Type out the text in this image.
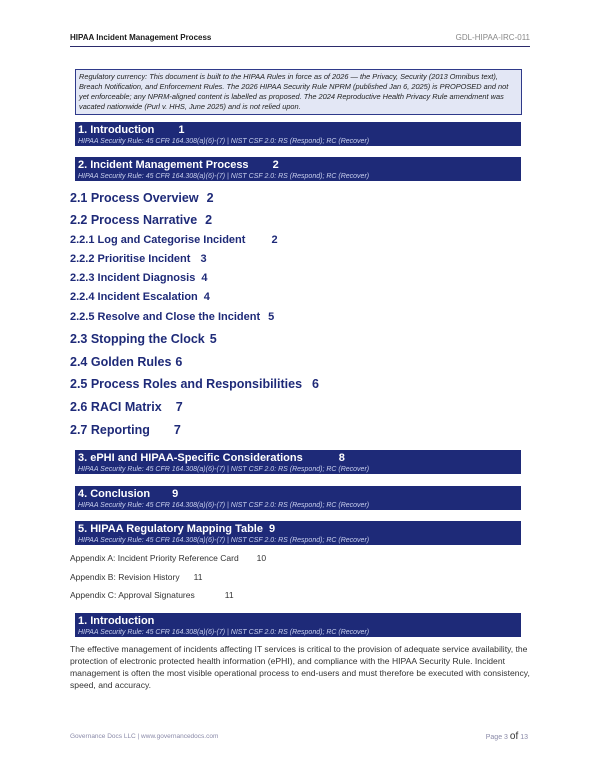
HIPAA Incident Management Process	GDL-HIPAA-IRC-011
Regulatory currency: This document is built to the HIPAA Rules in force as of 2026 — the Privacy, Security (2013 Omnibus text), Breach Notification, and Enforcement Rules. The 2026 HIPAA Security Rule NPRM (published Jan 6, 2025) is PROPOSED and not yet enforceable; any NPRM-aligned content is labelled as proposed. The 2024 Reproductive Health Privacy Rule amendment was vacated nationwide (Purl v. HHS, June 2025) and is not relied upon.
1. Introduction 1
HIPAA Security Rule: 45 CFR 164.308(a)(6)-(7) | NIST CSF 2.0: RS (Respond); RC (Recover)
2. Incident Management Process 2
HIPAA Security Rule: 45 CFR 164.308(a)(6)-(7) | NIST CSF 2.0: RS (Respond); RC (Recover)
2.1 Process Overview 2
2.2 Process Narrative 2
2.2.1 Log and Categorise Incident 2
2.2.2 Prioritise Incident 3
2.2.3 Incident Diagnosis 4
2.2.4 Incident Escalation 4
2.2.5 Resolve and Close the Incident 5
2.3 Stopping the Clock 5
2.4 Golden Rules 6
2.5 Process Roles and Responsibilities 6
2.6 RACI Matrix 7
2.7 Reporting 7
3. ePHI and HIPAA-Specific Considerations	8
HIPAA Security Rule: 45 CFR 164.308(a)(6)-(7) | NIST CSF 2.0: RS (Respond); RC (Recover)
4. Conclusion 9
HIPAA Security Rule: 45 CFR 164.308(a)(6)-(7) | NIST CSF 2.0: RS (Respond); RC (Recover)
5. HIPAA Regulatory Mapping Table 9
HIPAA Security Rule: 45 CFR 164.308(a)(6)-(7) | NIST CSF 2.0: RS (Respond); RC (Recover)
Appendix A: Incident Priority Reference Card 10
Appendix B: Revision History 11
Appendix C: Approval Signatures	11
1. Introduction
HIPAA Security Rule: 45 CFR 164.308(a)(6)-(7) | NIST CSF 2.0: RS (Respond); RC (Recover)
The effective management of incidents affecting IT services is critical to the provision of adequate service availability, the protection of electronic protected health information (ePHI), and compliance with the HIPAA Security Rule. Incident management is often the most visible operational process to end-users and must therefore be executed with consistency, speed, and accuracy.
Governance Docs LLC | www.governancedocs.com	Page 3 of 13
